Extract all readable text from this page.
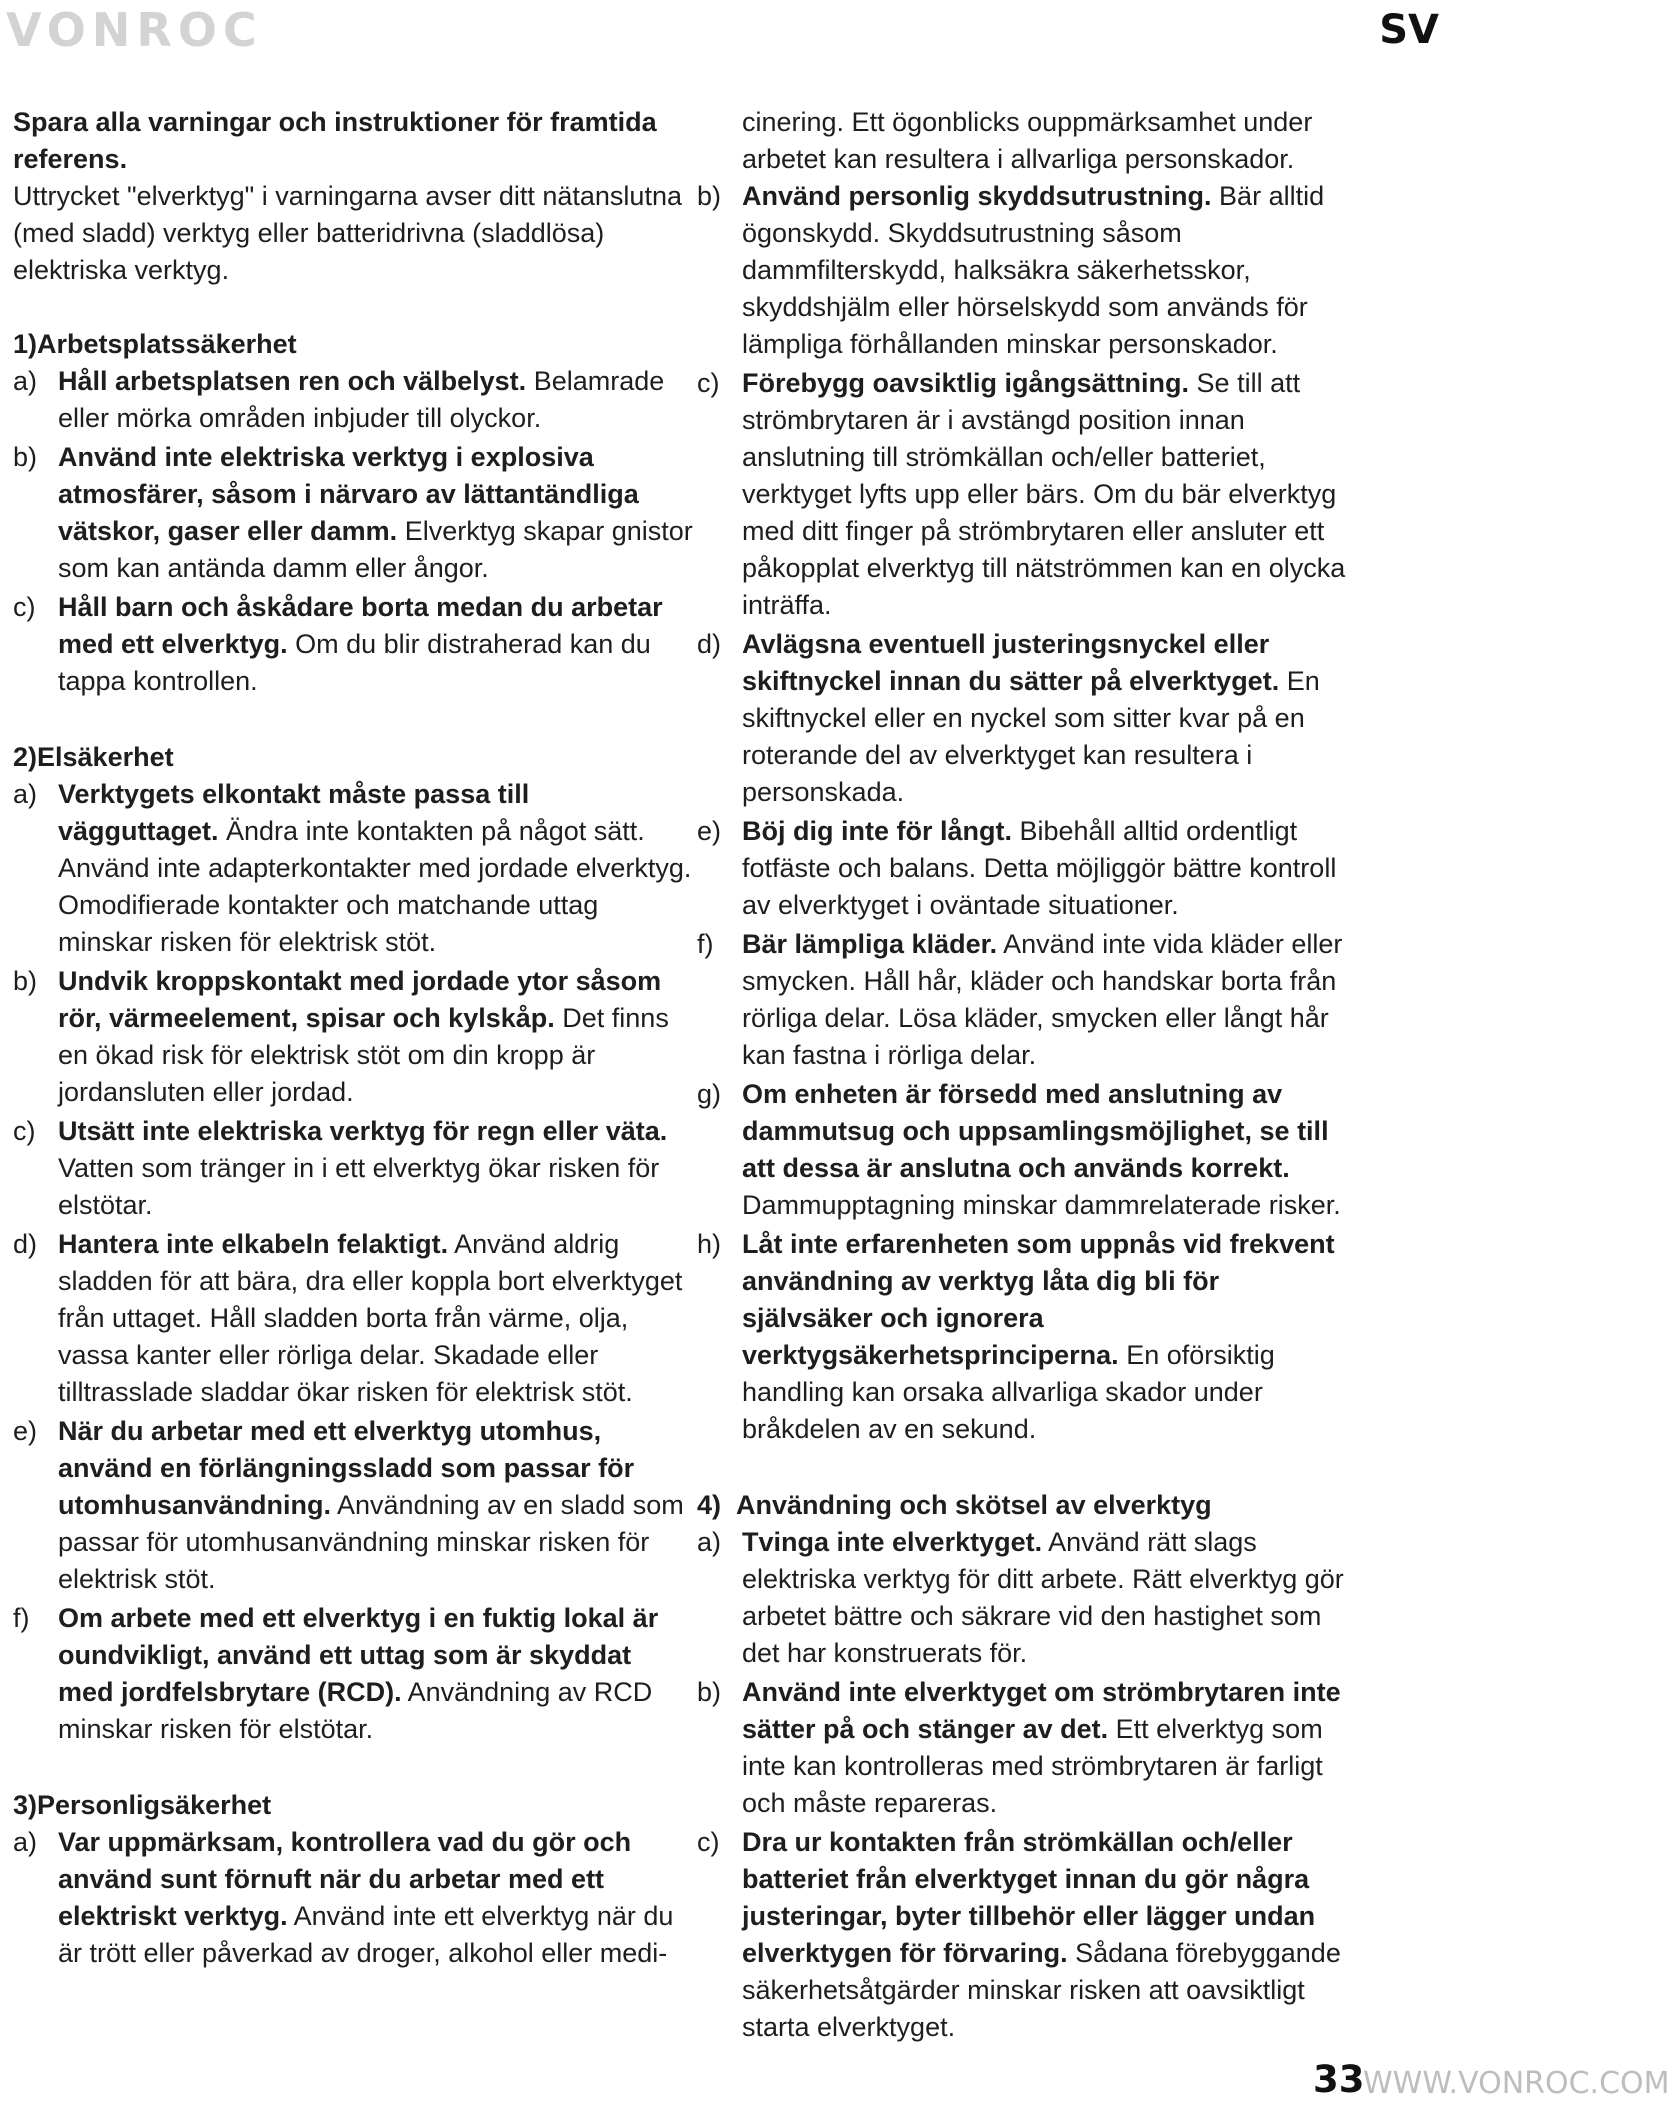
VONROC	SV

Spara alla varningar och instruktioner för framtida referens.
Uttrycket "elverktyg" i varningarna avser ditt nätanslutna (med sladd) verktyg eller batteridrivna (sladdlösa) elektriska verktyg.

1)Arbetsplatssäkerhet

a) Håll arbetsplatsen ren och välbelyst. Belamrade eller mörka områden inbjuder till olyckor.
b) Använd inte elektriska verktyg i explosiva atmosfärer, såsom i närvaro av lättantändliga vätskor, gaser eller damm. Elverktyg skapar gnistor som kan antända damm eller ångor.
c) Håll barn och åskådare borta medan du arbetar med ett elverktyg. Om du blir distraherad kan du tappa kontrollen.

2)Elsäkerhet

a) Verktygets elkontakt måste passa till vägguttaget. Ändra inte kontakten på något sätt. Använd inte adapterkontakter med jordade elverktyg. Omodifierade kontakter och matchande uttag minskar risken för elektrisk stöt.
b) Undvik kroppskontakt med jordade ytor såsom rör, värmeelement, spisar och kylskåp. Det finns en ökad risk för elektrisk stöt om din kropp är jordansluten eller jordad.
c) Utsätt inte elektriska verktyg för regn eller väta. Vatten som tränger in i ett elverktyg ökar risken för elstötar.
d) Hantera inte elkabeln felaktigt. Använd aldrig sladden för att bära, dra eller koppla bort elverktyget från uttaget. Håll sladden borta från värme, olja, vassa kanter eller rörliga delar. Skadade eller tilltrasslade sladdar ökar risken för elektrisk stöt.
e) När du arbetar med ett elverktyg utomhus, använd en förlängningssladd som passar för utomhusanvändning. Användning av en sladd som passar för utomhusanvändning minskar risken för elektrisk stöt.
f) Om arbete med ett elverktyg i en fuktig lokal är oundvikligt, använd ett uttag som är skyddat med jordfelsbrytare (RCD). Användning av RCD minskar risken för elstötar.

3)Personligsäkerhet

a) Var uppmärksam, kontrollera vad du gör och använd sunt förnuft när du arbetar med ett elektriskt verktyg. Använd inte ett elverktyg när du är trött eller påverkad av droger, alkohol eller medi-

cinering. Ett ögonblicks ouppmärksamhet under arbetet kan resultera i allvarliga personskador.

b) Använd personlig skyddsutrustning. Bär alltid ögonskydd. Skyddsutrustning såsom dammfilterskydd, halksäkra säkerhetsskor, skyddshjälm eller hörselskydd som används för lämpliga förhållanden minskar personskador.
c) Förebygg oavsiktlig igångsättning. Se till att strömbrytaren är i avstängd position innan anslutning till strömkällan och/eller batteriet, verktyget lyfts upp eller bärs. Om du bär elverktyg med ditt finger på strömbrytaren eller ansluter ett påkopplat elverktyg till nätströmmen kan en olycka inträffa.
d) Avlägsna eventuell justeringsnyckel eller skiftnyckel innan du sätter på elverktyget. En skiftnyckel eller en nyckel som sitter kvar på en roterande del av elverktyget kan resultera i personskada.
e) Böj dig inte för långt. Bibehåll alltid ordentligt fotfäste och balans. Detta möjliggör bättre kontroll av elverktyget i oväntade situationer.
f) Bär lämpliga kläder. Använd inte vida kläder eller smycken. Håll hår, kläder och handskar borta från rörliga delar. Lösa kläder, smycken eller långt hår kan fastna i rörliga delar.
g) Om enheten är försedd med anslutning av dammutsug och uppsamlingsmöjlighet, se till att dessa är anslutna och används korrekt. Dammupptagning minskar dammrelaterade risker.
h) Låt inte erfarenheten som uppnås vid frekvent användning av verktyg låta dig bli för självsäker och ignorera verktygsäkerhetsprinciperna. En oförsiktig handling kan orsaka allvarliga skador under bråkdelen av en sekund.

4)  Användning och skötsel av elverktyg

a) Tvinga inte elverktyget. Använd rätt slags elektriska verktyg för ditt arbete. Rätt elverktyg gör arbetet bättre och säkrare vid den hastighet som det har konstruerats för.
b) Använd inte elverktyget om strömbrytaren inte sätter på och stänger av det. Ett elverktyg som inte kan kontrolleras med strömbrytaren är farligt och måste repareras.
c) Dra ur kontakten från strömkällan och/eller batteriet från elverktyget innan du gör några justeringar, byter tillbehör eller lägger undan elverktygen för förvaring. Sådana förebyggande säkerhetsåtgärder minskar risken att oavsiktligt starta elverktyget.
33
WWW.VONROC.COM
